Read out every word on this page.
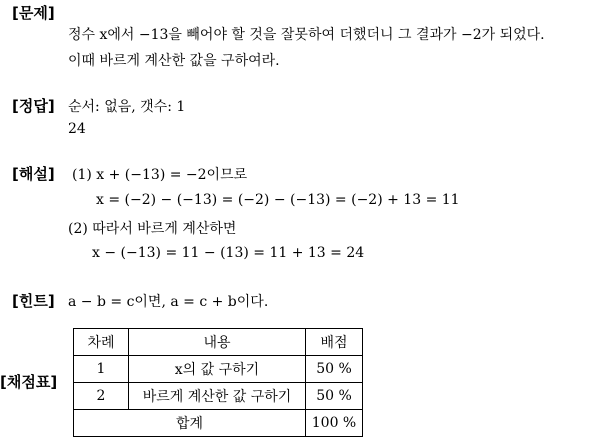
[문제]
정수 x에서 −13을 빼어야 할 것을 잘못하여 더했더니 그 결과가 −2가 되었다.
이때 바르게 계산한 값을 구하여라.
[정답] 순서: 없음, 갯수: 1
24
[해설] (1) x + (−13) = −2이므로
x = (−2) − (−13) = (−2) − (−13) = (−2) + 13 = 11
(2) 따라서 바르게 계산하면
x − (−13) = 11 − (13) = 11 + 13 = 24
[힌트] a − b = c이면, a = c + b이다.
[채점표]
차례	내용	배점
1	x의 값 구하기	50 %
2	바르게 계산한 값 구하기	50 %
합계		100 %
